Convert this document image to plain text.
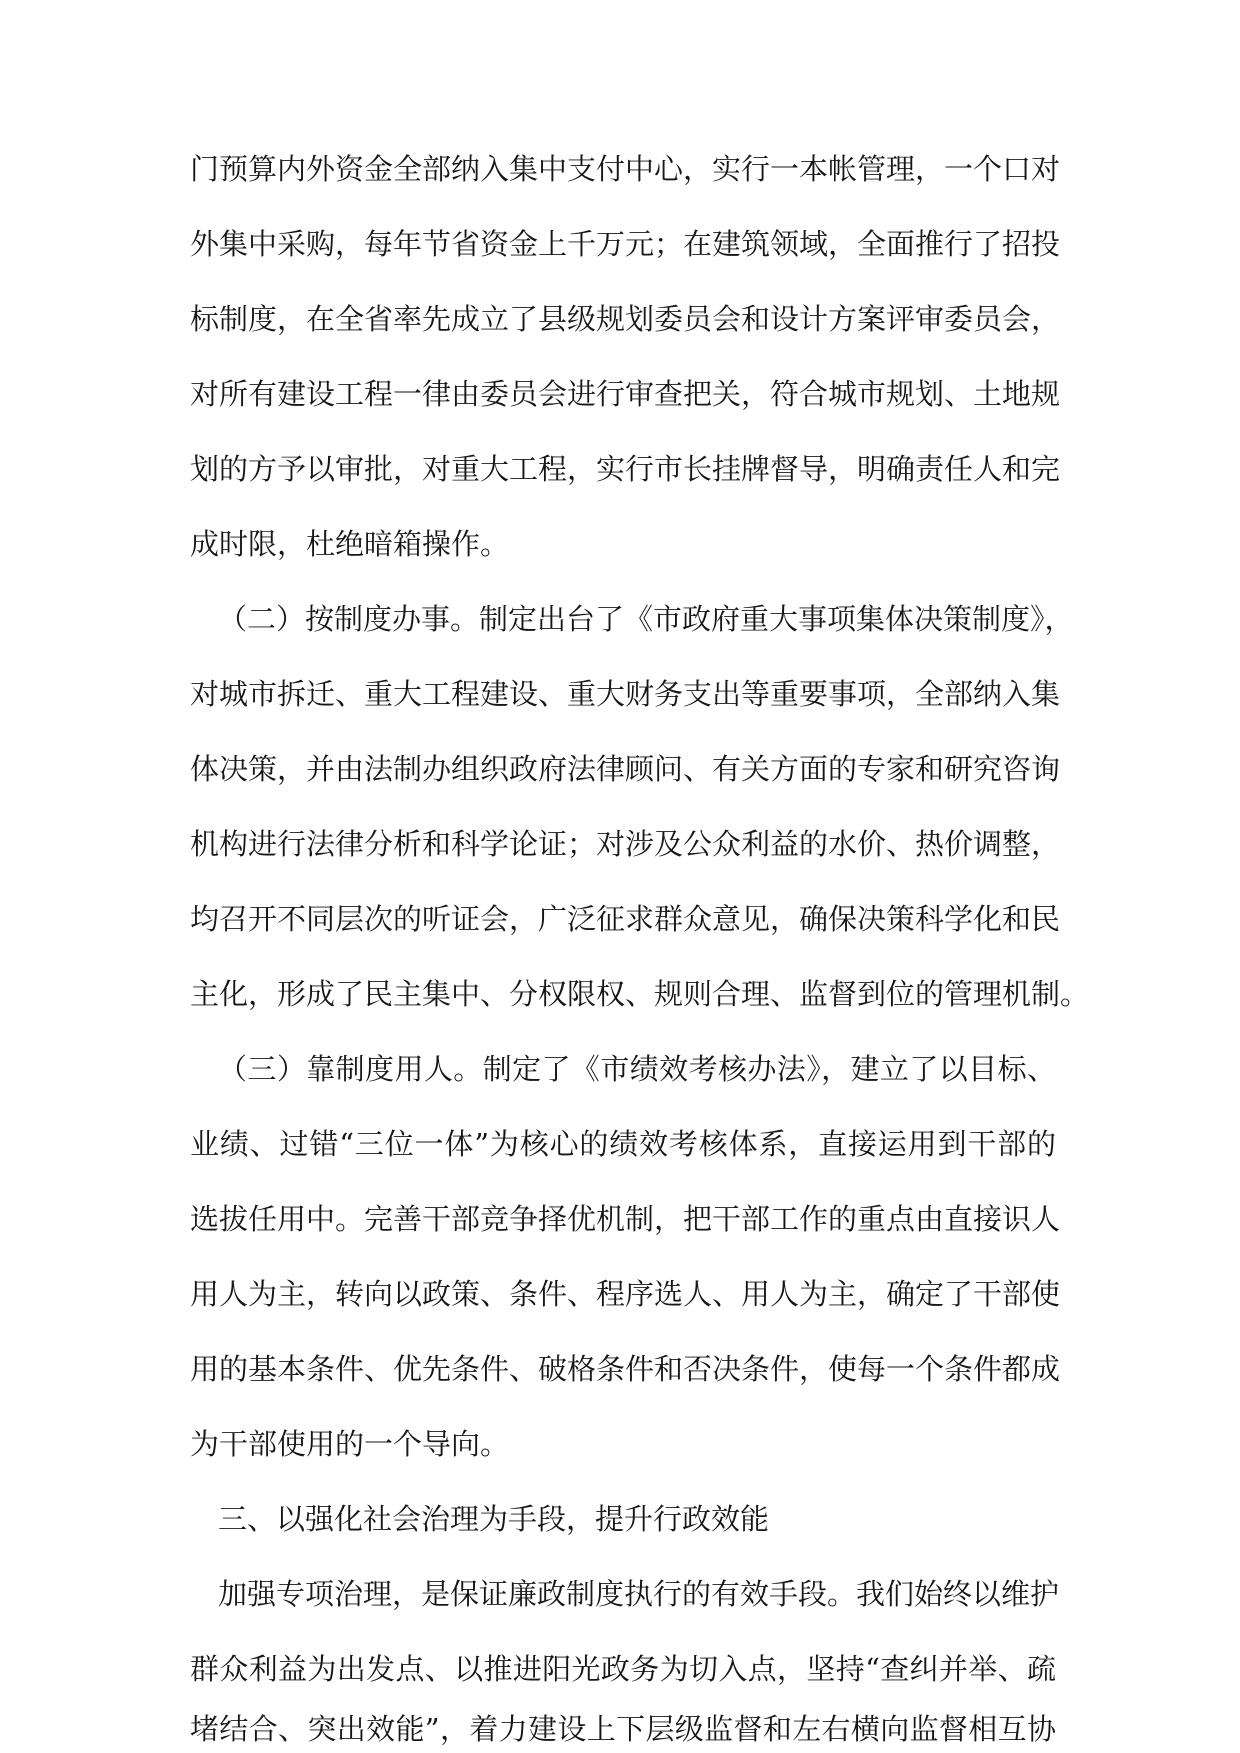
门预算内外资金全部纳入集中支付中心，实行一本帐管理，一个口对
外集中采购，每年节省资金上千万元；在建筑领域，全面推行了招投
标制度，在全省率先成立了县级规划委员会和设计方案评审委员会，
对所有建设工程一律由委员会进行审查把关，符合城市规划、土地规
划的方予以审批，对重大工程，实行市长挂牌督导，明确责任人和完
成时限，杜绝暗箱操作。
（二）按制度办事。制定出台了《市政府重大事项集体决策制度》，
对城市拆迁、重大工程建设、重大财务支出等重要事项，全部纳入集
体决策，并由法制办组织政府法律顾问、有关方面的专家和研究咨询
机构进行法律分析和科学论证；对涉及公众利益的水价、热价调整，
均召开不同层次的听证会，广泛征求群众意见，确保决策科学化和民
主化，形成了民主集中、分权限权、规则合理、监督到位的管理机制。
（三）靠制度用人。制定了《市绩效考核办法》，建立了以目标、
业绩、过错“三位一体”为核心的绩效考核体系，直接运用到干部的
选拔任用中。完善干部竞争择优机制，把干部工作的重点由直接识人
用人为主，转向以政策、条件、程序选人、用人为主，确定了干部使
用的基本条件、优先条件、破格条件和否决条件，使每一个条件都成
为干部使用的一个导向。
三、以强化社会治理为手段，提升行政效能
加强专项治理，是保证廉政制度执行的有效手段。我们始终以维护
群众利益为出发点、以推进阳光政务为切入点，坚持“查纠并举、疏
堵结合、突出效能”，着力建设上下层级监督和左右横向监督相互协
